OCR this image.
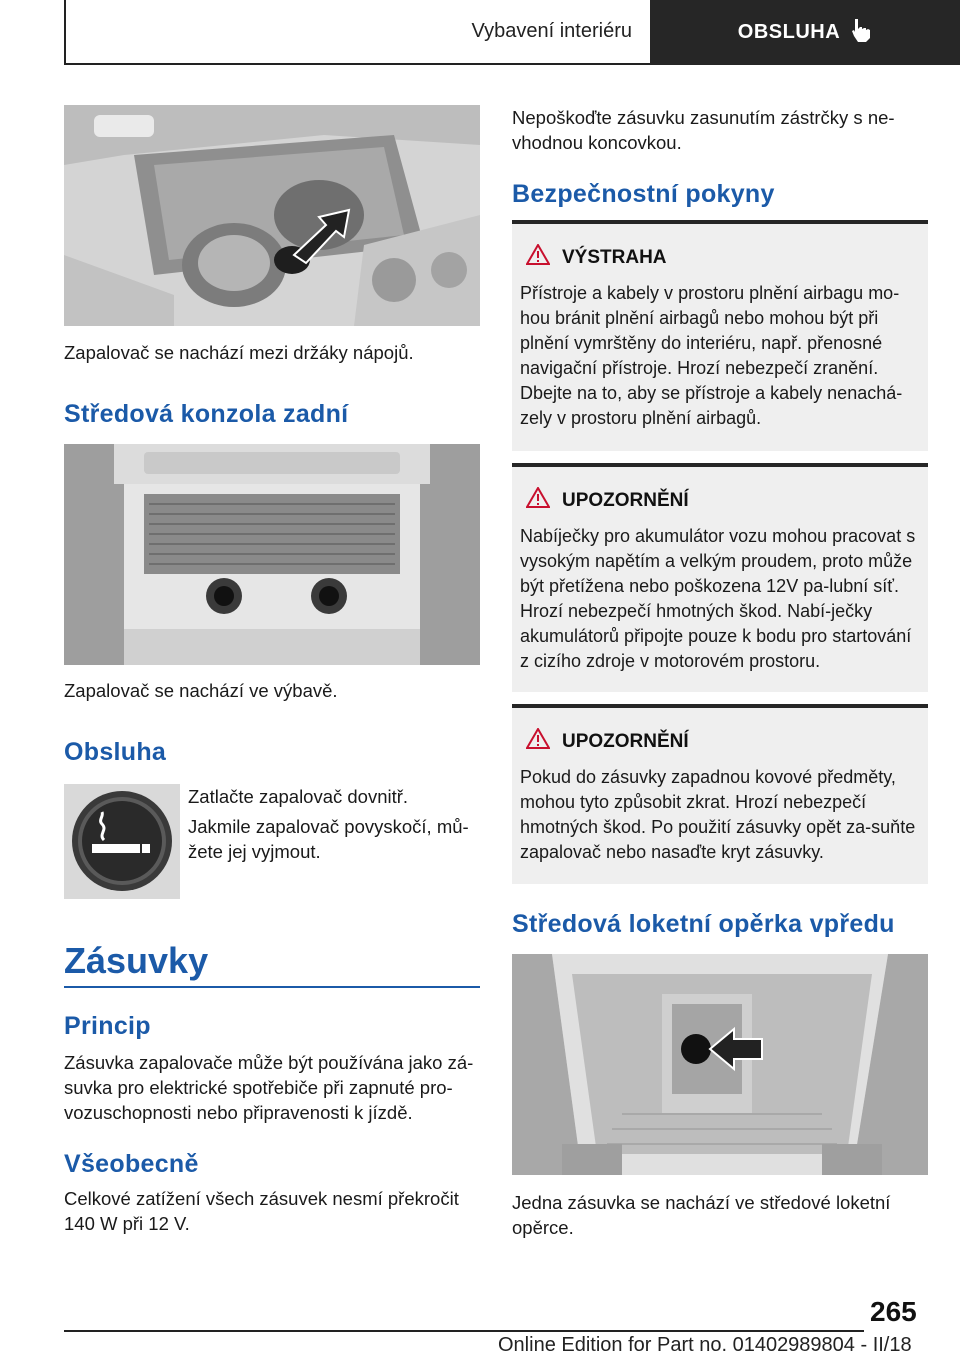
Vybavení interiéru	OBSLUHA

Zapalovač se nachází mezi držáky nápojů.

Středová konzola zadní

Zapalovač se nachází ve výbavě.

Obsluha

Zatlačte zapalovač dovnitř.

Jakmile zapalovač povyskočí, mů-žete jej vyjmout.

Zásuvky
Princip

Zásuvka zapalovače může být používána jako zá-suvka pro elektrické spotřebiče při zapnuté pro-vozuschopnosti nebo připravenosti k jízdě.

Všeobecně

Celkové zatížení všech zásuvek nesmí překročit 140 W při 12 V.

Nepoškoďte zásuvku zasunutím zástrčky s ne-vhodnou koncovkou.

Bezpečnostní pokyny
VÝSTRAHA

Přístroje a kabely v prostoru plnění airbagu mo-hou bránit plnění airbagů nebo mohou být při plnění vymrštěny do interiéru, např. přenosné navigační přístroje. Hrozí nebezpečí zranění. Dbejte na to, aby se přístroje a kabely nenachá-zely v prostoru plnění airbagů.

UPOZORNĚNÍ

Nabíječky pro akumulátor vozu mohou pracovat s vysokým napětím a velkým proudem, proto může být přetížena nebo poškozena 12V pa-lubní síť. Hrozí nebezpečí hmotných škod. Nabí-ječky akumulátorů připojte pouze k bodu pro startování z cizího zdroje v motorovém prostoru.

UPOZORNĚNÍ

Pokud do zásuvky zapadnou kovové předměty, mohou tyto způsobit zkrat. Hrozí nebezpečí hmotných škod. Po použití zásuvky opět za-suňte zapalovač nebo nasaďte kryt zásuvky.

Středová loketní opěrka vpředu

Jedna zásuvka se nachází ve středové loketní opěrce.

265
Online Edition for Part no. 01402989804 - II/18
